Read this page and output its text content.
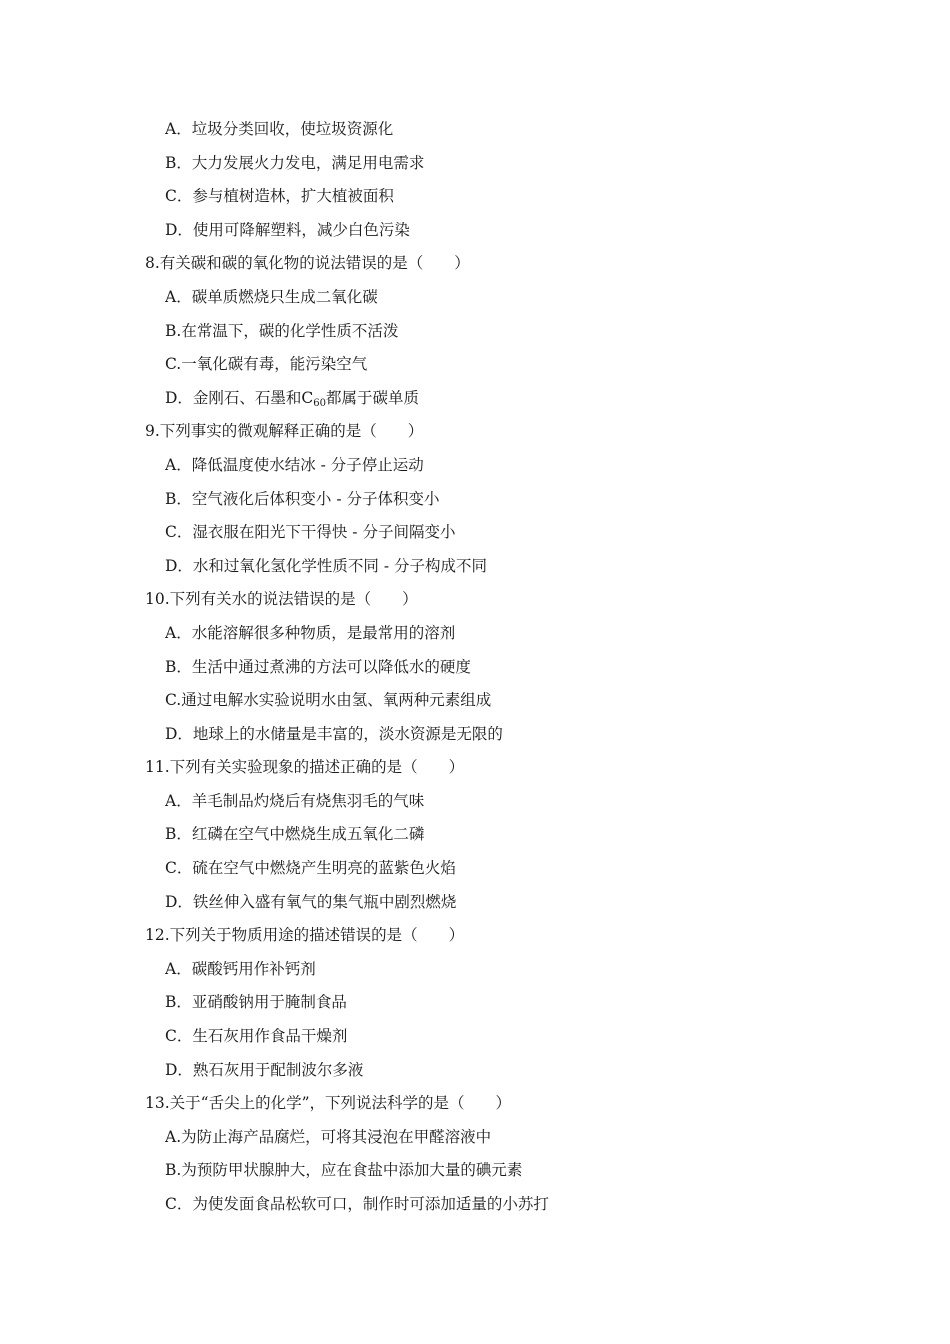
A．垃圾分类回收，使垃圾资源化
B．大力发展火力发电，满足用电需求
C．参与植树造林，扩大植被面积
D．使用可降解塑料，减少白色污染
8.有关碳和碳的氧化物的说法错误的是（　　）
A．碳单质燃烧只生成二氧化碳
B.在常温下，碳的化学性质不活泼
C.一氧化碳有毒，能污染空气
D．金刚石、石墨和$C_{60}$都属于碳单质
9.下列事实的微观解释正确的是（　　）
A．降低温度使水结冰 - 分子停止运动
B．空气液化后体积变小 - 分子体积变小
C．湿衣服在阳光下干得快 - 分子间隔变小
D．水和过氧化氢化学性质不同 - 分子构成不同
10.下列有关水的说法错误的是（　　）
A．水能溶解很多种物质，是最常用的溶剂
B．生活中通过煮沸的方法可以降低水的硬度
C.通过电解水实验说明水由氢、氧两种元素组成
D．地球上的水储量是丰富的，淡水资源是无限的
11.下列有关实验现象的描述正确的是（　　）
A．羊毛制品灼烧后有烧焦羽毛的气味
B．红磷在空气中燃烧生成五氧化二磷
C．硫在空气中燃烧产生明亮的蓝紫色火焰
D．铁丝伸入盛有氧气的集气瓶中剧烈燃烧
12.下列关于物质用途的描述错误的是（　　）
A．碳酸钙用作补钙剂
B．亚硝酸钠用于腌制食品
C．生石灰用作食品干燥剂
D．熟石灰用于配制波尔多液
13.关于“舌尖上的化学”，下列说法科学的是（　　）
A.为防止海产品腐烂，可将其浸泡在甲醛溶液中
B.为预防甲状腺肿大，应在食盐中添加大量的碘元素
C．为使发面食品松软可口，制作时可添加适量的小苏打
